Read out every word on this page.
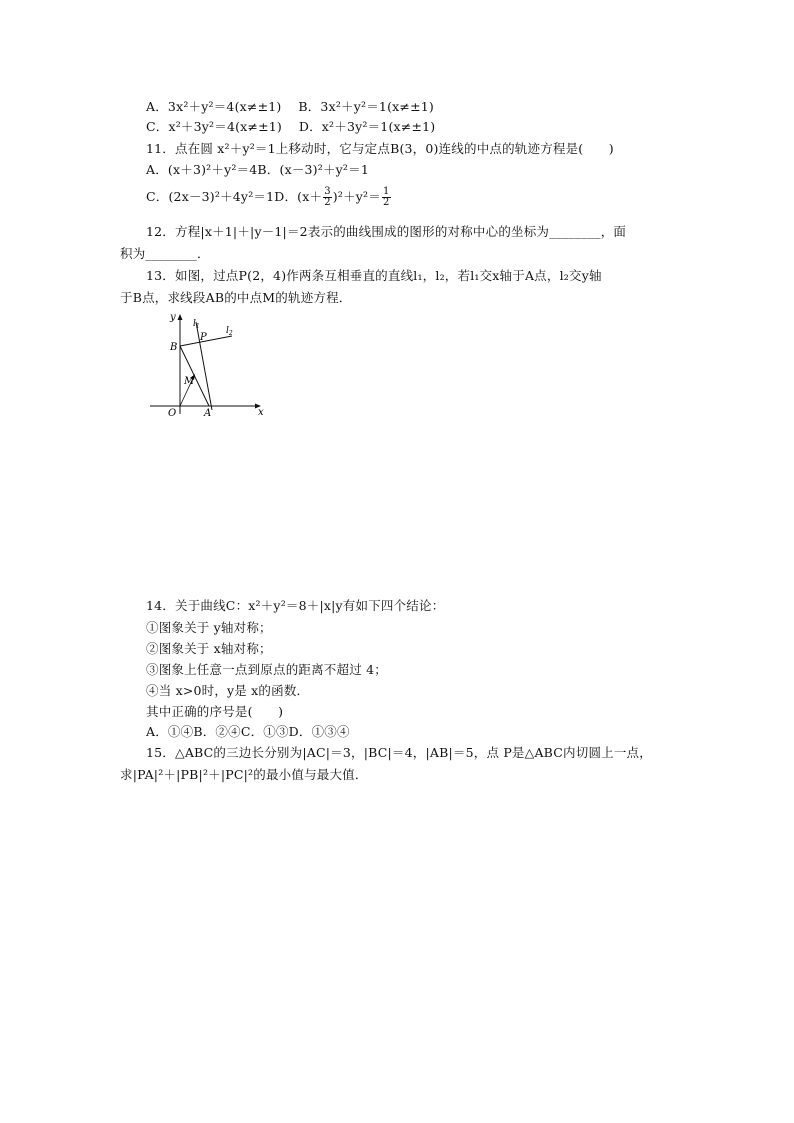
A．3x²＋y²＝4(x≠±1)　 B．3x²＋y²＝1(x≠±1)
C．x²＋3y²＝4(x≠±1)　 D．x²＋3y²＝1(x≠±1)
11．点在圆 x²＋y²＝1上移动时，它与定点B(3，0)连线的中点的轨迹方程是(　　)
A．(x＋3)²＋y²＝4B．(x－3)²＋y²＝1
C．(2x－3)²＋4y²＝1D．$(x+ \frac{3}{2} )^2+y^2= \frac{1}{2}$
12．方程|x＋1|＋|y－1|＝2表示的曲线围成的图形的对称中心的坐标为________，面
积为________．
13．如图，过点P(2，4)作两条互相垂直的直线l₁，l₂，若l₁交x轴于A点，l₂交y轴
于B点，求线段AB的中点M的轨迹方程．
y
x
O	A
B
M
P
$l_1$	$l_2$
14．关于曲线C：x²＋y²＝8＋|x|y有如下四个结论：
①图象关于 y轴对称；
②图象关于 x轴对称；
③图象上任意一点到原点的距离不超过 4；
④当 x>0时，y是 x的函数．
其中正确的序号是(　　)
A．①④B．②④C．①③D．①③④
15．△ABC的三边长分别为|AC|＝3，|BC|＝4，|AB|＝5，点 P是△ABC内切圆上一点，
求|PA|²＋|PB|²＋|PC|²的最小值与最大值．
